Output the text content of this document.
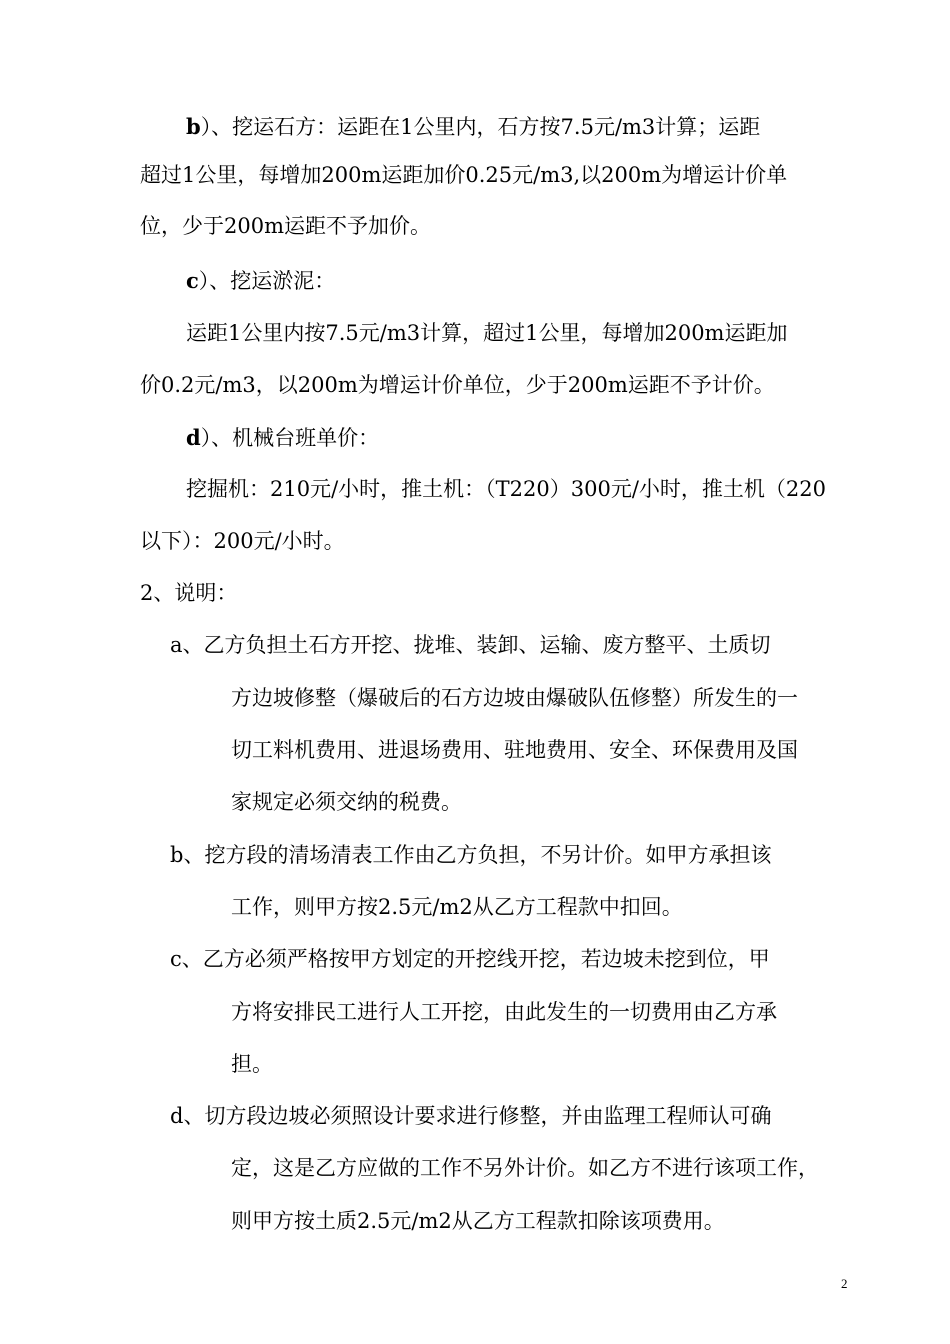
b）、挖运石方：运距在1公里内，石方按7.5元/m3计算；运距
超过1公里，每增加200m运距加价0.25元/m3,以200m为增运计价单
位，少于200m运距不予加价。
c）、挖运淤泥：
运距1公里内按7.5元/m3计算，超过1公里，每增加200m运距加
价0.2元/m3，以200m为增运计价单位，少于200m运距不予计价。
d）、机械台班单价：
挖掘机：210元/小时，推土机：（T220）300元/小时，推土机（220
以下）：200元/小时。
2、说明：
a、乙方负担土石方开挖、拢堆、装卸、运输、废方整平、土质切
方边坡修整（爆破后的石方边坡由爆破队伍修整）所发生的一
切工料机费用、进退场费用、驻地费用、安全、环保费用及国
家规定必须交纳的税费。
b、挖方段的清场清表工作由乙方负担，不另计价。如甲方承担该
工作，则甲方按2.5元/m2从乙方工程款中扣回。
c、乙方必须严格按甲方划定的开挖线开挖，若边坡未挖到位，甲
方将安排民工进行人工开挖，由此发生的一切费用由乙方承
担。
d、切方段边坡必须照设计要求进行修整，并由监理工程师认可确
定，这是乙方应做的工作不另外计价。如乙方不进行该项工作，
则甲方按土质2.5元/m2从乙方工程款扣除该项费用。
2
